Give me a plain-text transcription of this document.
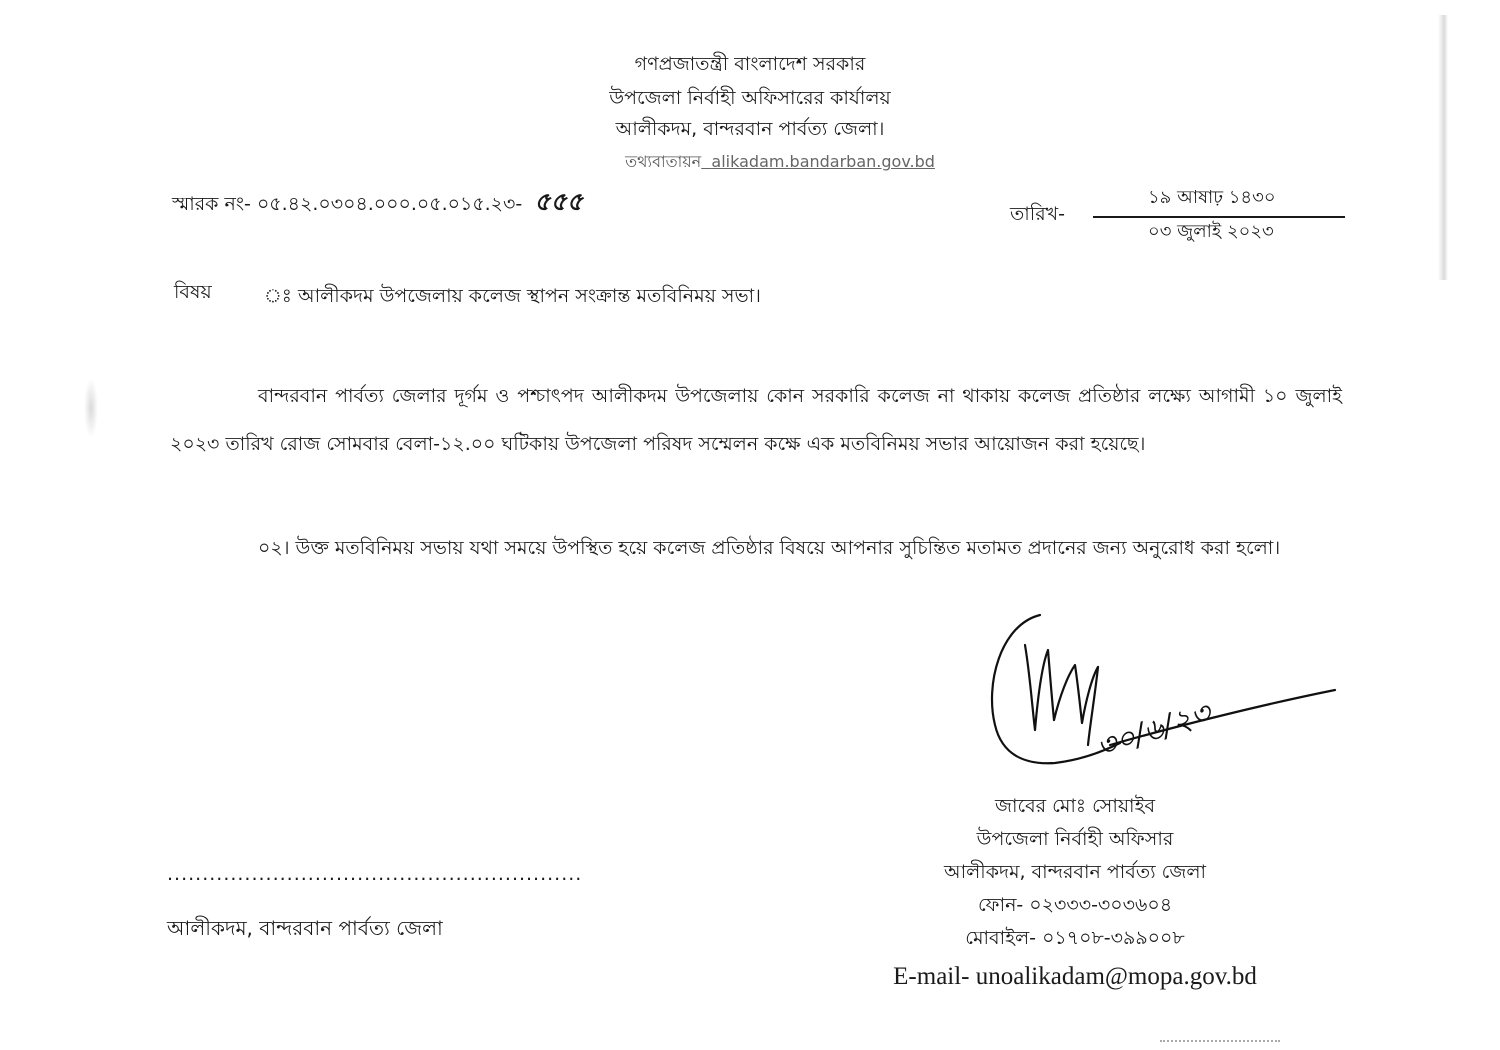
গণপ্রজাতন্ত্রী বাংলাদেশ সরকার
উপজেলা নির্বাহী অফিসারের কার্যালয়
আলীকদম, বান্দরবান পার্বত্য জেলা।
তথ্যবাতায়ন alikadam.bandarban.gov.bd
স্মারক নং- ০৫.৪২.০৩০৪.০০০.০৫.০১৫.২৩- ৫৫৫	তারিখ-
১৯ আষাঢ় ১৪৩০
০৩ জুলাই ২০২৩
বিষয়	ঃ আলীকদম উপজেলায় কলেজ স্থাপন সংক্রান্ত মতবিনিময় সভা।
বান্দরবান পার্বত্য জেলার দূর্গম ও পশ্চাৎপদ আলীকদম উপজেলায় কোন সরকারি কলেজ না থাকায় কলেজ প্রতিষ্ঠার লক্ষ্যে আগামী ১০ জুলাই ২০২৩ তারিখ রোজ সোমবার বেলা-১২.০০ ঘটিকায় উপজেলা পরিষদ সম্মেলন কক্ষে এক মতবিনিময় সভার আয়োজন করা হয়েছে।
০২। উক্ত মতবিনিময় সভায় যথা সময়ে উপস্থিত হয়ে কলেজ প্রতিষ্ঠার বিষয়ে আপনার সুচিন্তিত মতামত প্রদানের জন্য অনুরোধ করা হলো।
৩০/৬/২৩
জাবের মোঃ সোয়াইব
উপজেলা নির্বাহী অফিসার
আলীকদম, বান্দরবান পার্বত্য জেলা
ফোন- ০২৩৩৩-৩০৩৬০৪
মোবাইল- ০১৭০৮-৩৯৯০০৮
E-mail- unoalikadam@mopa.gov.bd
...........................................................
আলীকদম, বান্দরবান পার্বত্য জেলা
